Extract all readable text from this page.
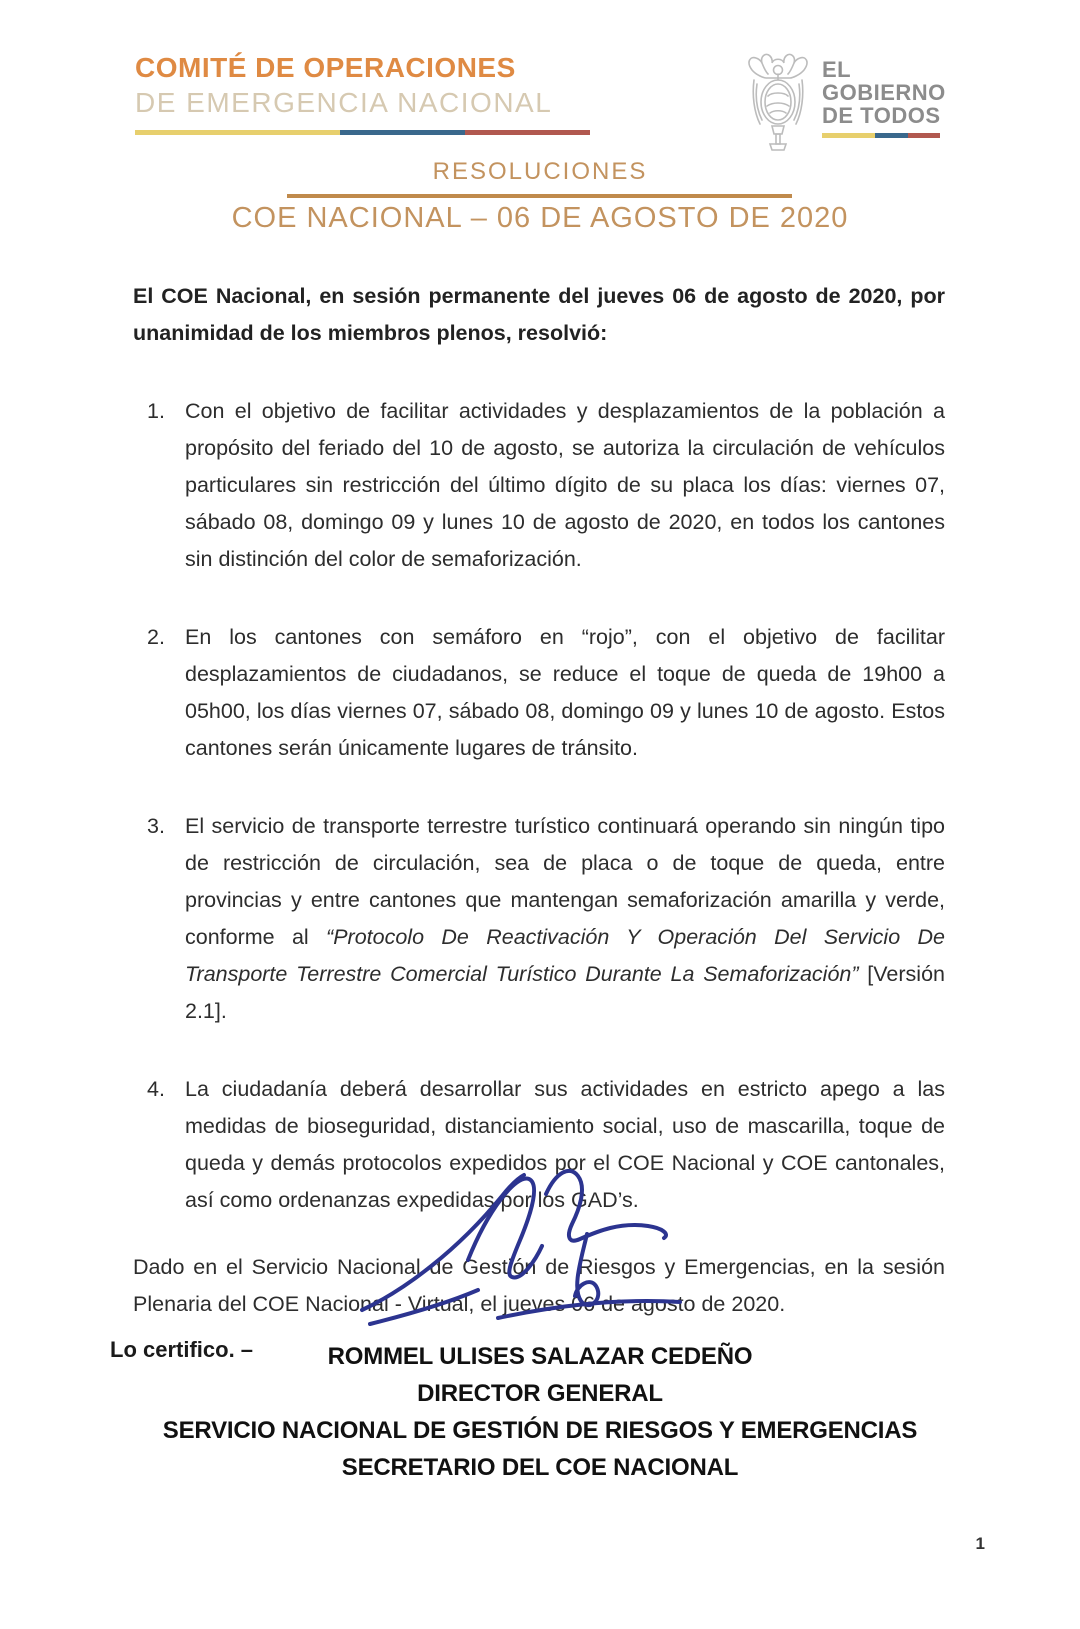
COMITÉ DE OPERACIONES
DE EMERGENCIA NACIONAL
EL
GOBIERNO
DE TODOS
RESOLUCIONES
COE NACIONAL – 06 DE AGOSTO DE 2020

El COE Nacional, en sesión permanente del jueves 06 de agosto de 2020, por unanimidad de los miembros plenos, resolvió:

1. Con el objetivo de facilitar actividades y desplazamientos de la población a propósito del feriado del 10 de agosto, se autoriza la circulación de vehículos particulares sin restricción del último dígito de su placa los días: viernes 07, sábado 08, domingo 09 y lunes 10 de agosto de 2020, en todos los cantones sin distinción del color de semaforización.
2. En los cantones con semáforo en “rojo”, con el objetivo de facilitar desplazamientos de ciudadanos, se reduce el toque de queda de 19h00 a 05h00, los días viernes 07, sábado 08, domingo 09 y lunes 10 de agosto. Estos cantones serán únicamente lugares de tránsito.
3. El servicio de transporte terrestre turístico continuará operando sin ningún tipo de restricción de circulación, sea de placa o de toque de queda, entre provincias y entre cantones que mantengan semaforización amarilla y verde, conforme al “Protocolo De Reactivación Y Operación Del Servicio De Transporte Terrestre Comercial Turístico Durante La Semaforización” [Versión 2.1].
4. La ciudadanía deberá desarrollar sus actividades en estricto apego a las medidas de bioseguridad, distanciamiento social, uso de mascarilla, toque de queda y demás protocolos expedidos por el COE Nacional y COE cantonales, así como ordenanzas expedidas por los GAD’s.

Dado en el Servicio Nacional de Gestión de Riesgos y Emergencias, en la sesión Plenaria del COE Nacional - Virtual, el jueves 06 de agosto de 2020.

Lo certifico. –	ROMMEL ULISES SALAZAR CEDEÑO
DIRECTOR GENERAL
SERVICIO NACIONAL DE GESTIÓN DE RIESGOS Y EMERGENCIAS
SECRETARIO DEL COE NACIONAL
1
